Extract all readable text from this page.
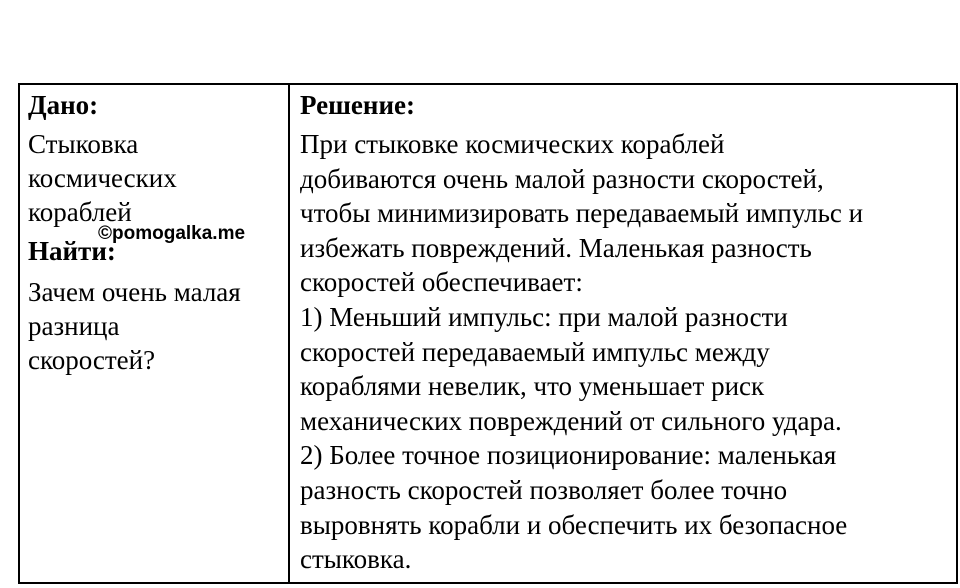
Дано:
Стыковка
космических
кораблей
Найти:
Зачем очень малая
разница
скоростей?
Решение:

При стыковке космических кораблей

добиваются очень малой разности скоростей,

чтобы минимизировать передаваемый импульс и

избежать повреждений. Маленькая разность

скоростей обеспечивает:

1) Меньший импульс: при малой разности

скоростей передаваемый импульс между

кораблями невелик, что уменьшает риск

механических повреждений от сильного удара.

2) Более точное позиционирование: маленькая

разность скоростей позволяет более точно

выровнять корабли и обеспечить их безопасное

стыковка.

©pomogalka.me
